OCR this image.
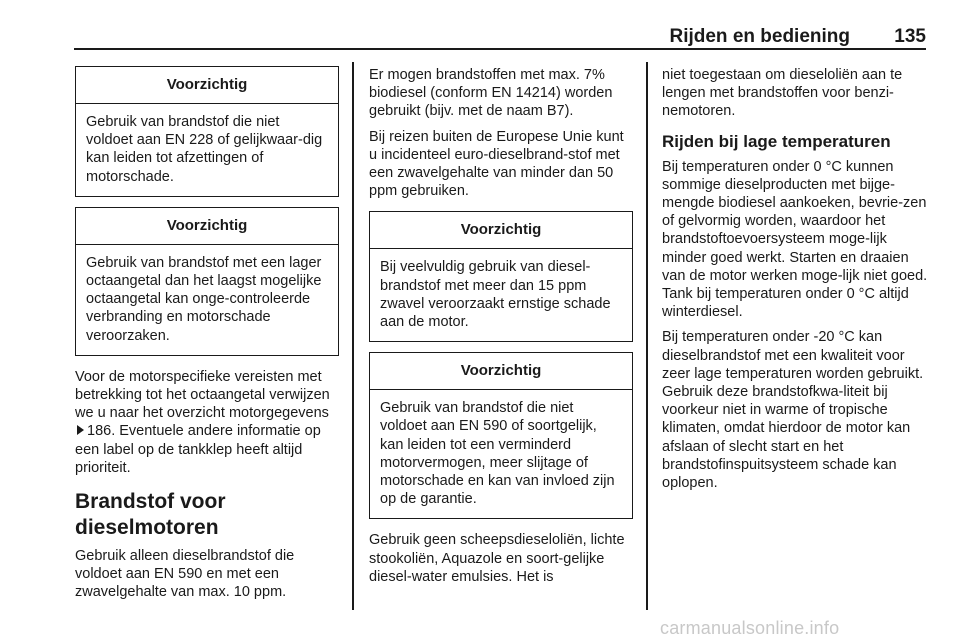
Rijden en bediening	135
Voorzichtig
Gebruik van brandstof die niet voldoet aan EN 228 of gelijkwaar-dig kan leiden tot afzettingen of motorschade.
Voorzichtig
Gebruik van brandstof met een lager octaangetal dan het laagst mogelijke octaangetal kan onge-controleerde verbranding en motorschade veroorzaken.

Voor de motorspecifieke vereisten met betrekking tot het octaangetal verwijzen we u naar het overzicht motorgegevens 186. Eventuele andere informatie op een label op de tankklep heeft altijd prioriteit.

Brandstof voor dieselmotoren

Gebruik alleen dieselbrandstof die voldoet aan EN 590 en met een zwavelgehalte van max. 10 ppm.

Er mogen brandstoffen met max. 7% biodiesel (conform EN 14214) worden gebruikt (bijv. met de naam B7).

Bij reizen buiten de Europese Unie kunt u incidenteel euro-dieselbrand-stof met een zwavelgehalte van minder dan 50 ppm gebruiken.

Voorzichtig
Bij veelvuldig gebruik van diesel-brandstof met meer dan 15 ppm zwavel veroorzaakt ernstige schade aan de motor.
Voorzichtig
Gebruik van brandstof die niet voldoet aan EN 590 of soortgelijk, kan leiden tot een verminderd motorvermogen, meer slijtage of motorschade en kan van invloed zijn op de garantie.

Gebruik geen scheepsdieseloliën, lichte stookoliën, Aquazole en soort-gelijke diesel-water emulsies. Het is

niet toegestaan om dieseloliën aan te lengen met brandstoffen voor benzi-nemotoren.

Rijden bij lage temperaturen

Bij temperaturen onder 0 °C kunnen sommige dieselproducten met bijge-mengde biodiesel aankoeken, bevrie-zen of gelvormig worden, waardoor het brandstoftoevoersysteem moge-lijk minder goed werkt. Starten en draaien van de motor werken moge-lijk niet goed. Tank bij temperaturen onder 0 °C altijd winterdiesel.

Bij temperaturen onder -20 °C kan dieselbrandstof met een kwaliteit voor zeer lage temperaturen worden gebruikt. Gebruik deze brandstofkwa-liteit bij voorkeur niet in warme of tropische klimaten, omdat hierdoor de motor kan afslaan of slecht start en het brandstofinspuitsysteem schade kan oplopen.

carmanualsonline.info
